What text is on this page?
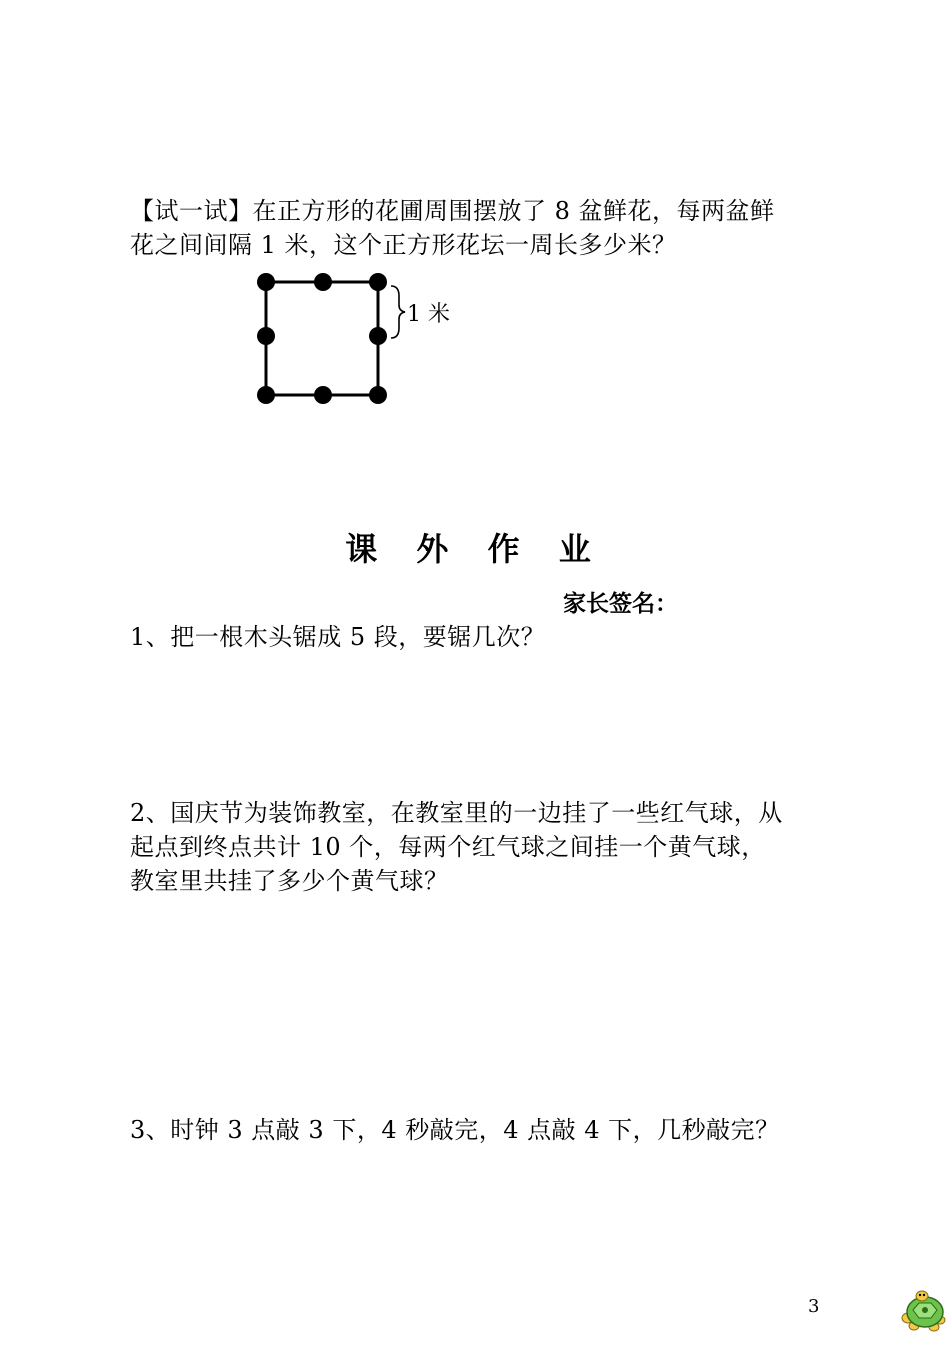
【试一试】在正方形的花圃周围摆放了 8 盆鲜花，每两盆鲜
花之间间隔 1 米，这个正方形花坛一周长多少米？
1 米
课 外 作 业
家长签名：
1、把一根木头锯成 5 段，要锯几次？
2、国庆节为装饰教室，在教室里的一边挂了一些红气球，从
起点到终点共计 10 个，每两个红气球之间挂一个黄气球，
教室里共挂了多少个黄气球？
3、时钟 3 点敲 3 下，4 秒敲完，4 点敲 4 下，几秒敲完？
3
